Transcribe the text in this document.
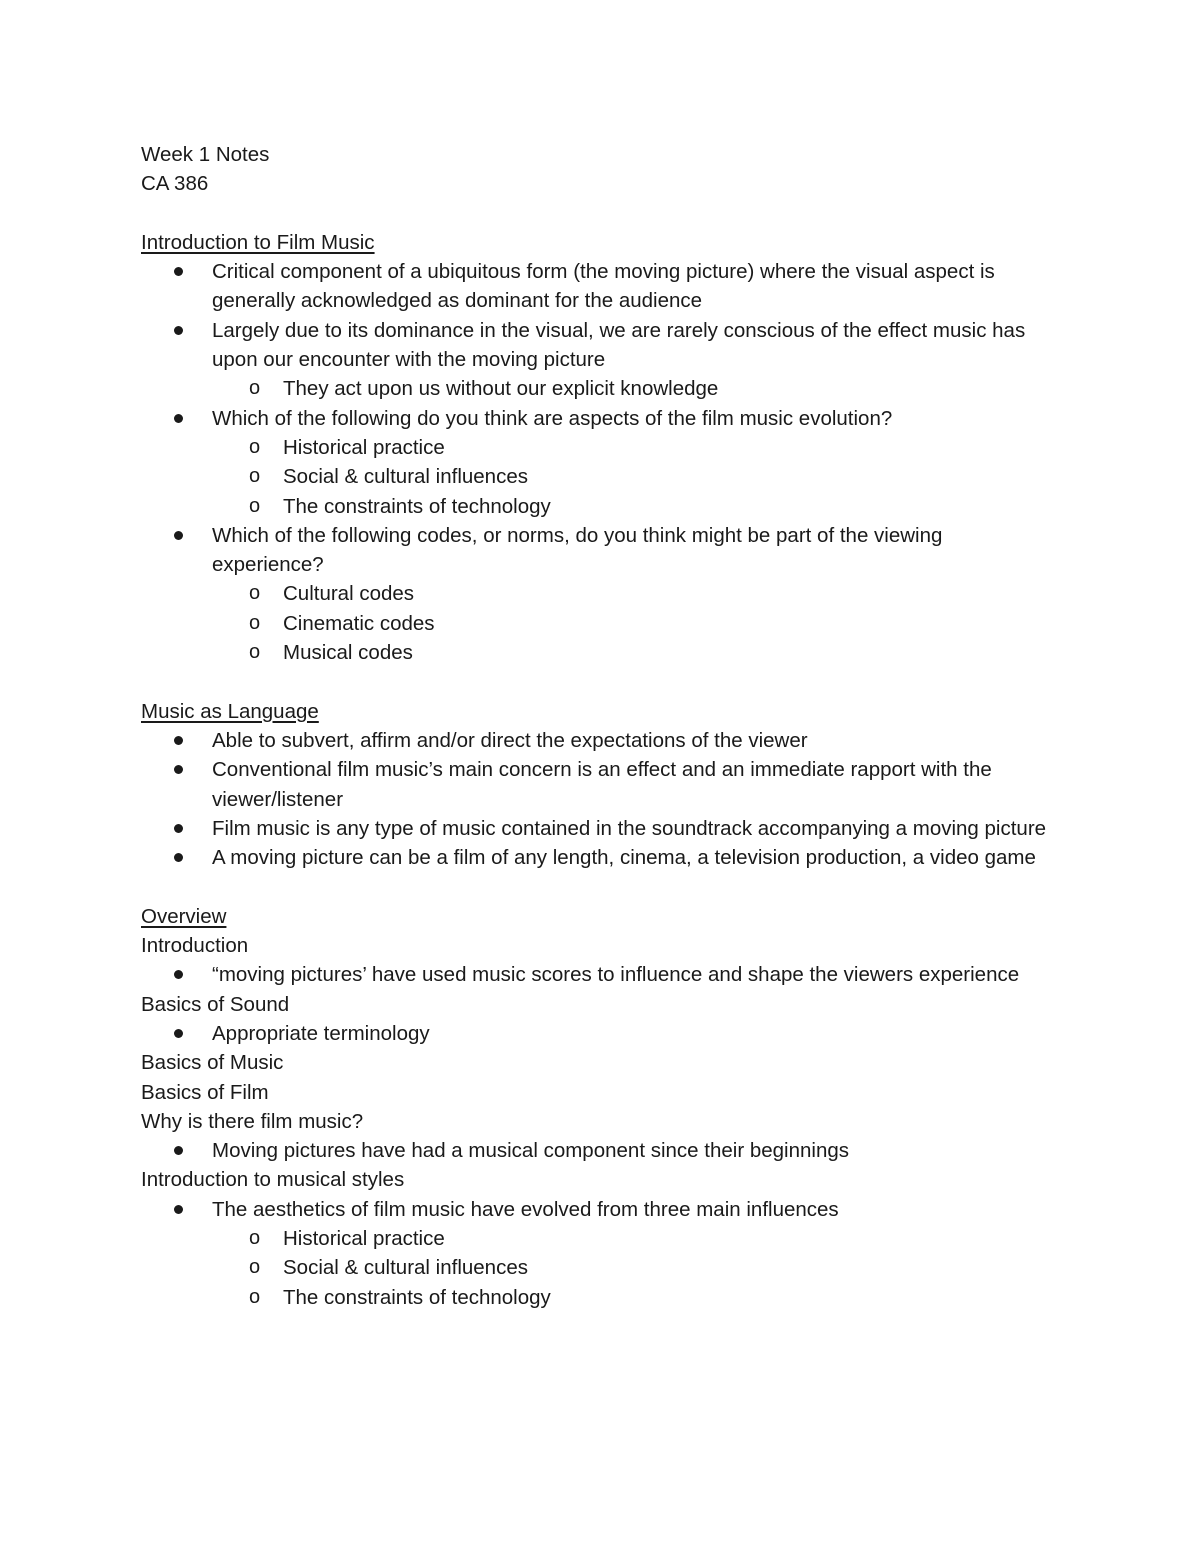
Week 1 Notes

CA 386

Introduction to Film Music

Critical component of a ubiquitous form (the moving picture) where the visual aspect is generally acknowledged as dominant for the audience
Largely due to its dominance in the visual, we are rarely conscious of the effect music has upon our encounter with the moving picture
o They act upon us without our explicit knowledge
Which of the following do you think are aspects of the film music evolution?
o Historical practice
o Social & cultural influences
o The constraints of technology
Which of the following codes, or norms, do you think might be part of the viewing experience?
o Cultural codes
o Cinematic codes
o Musical codes

Music as Language

Able to subvert, affirm and/or direct the expectations of the viewer
Conventional film music’s main concern is an effect and an immediate rapport with the viewer/listener
Film music is any type of music contained in the soundtrack accompanying a moving picture
A moving picture can be a film of any length, cinema, a television production, a video game

Overview

Introduction

“moving pictures’ have used music scores to influence and shape the viewers experience

Basics of Sound

Appropriate terminology

Basics of Music

Basics of Film

Why is there film music?

Moving pictures have had a musical component since their beginnings

Introduction to musical styles

The aesthetics of film music have evolved from three main influences
o Historical practice
o Social & cultural influences
o The constraints of technology
